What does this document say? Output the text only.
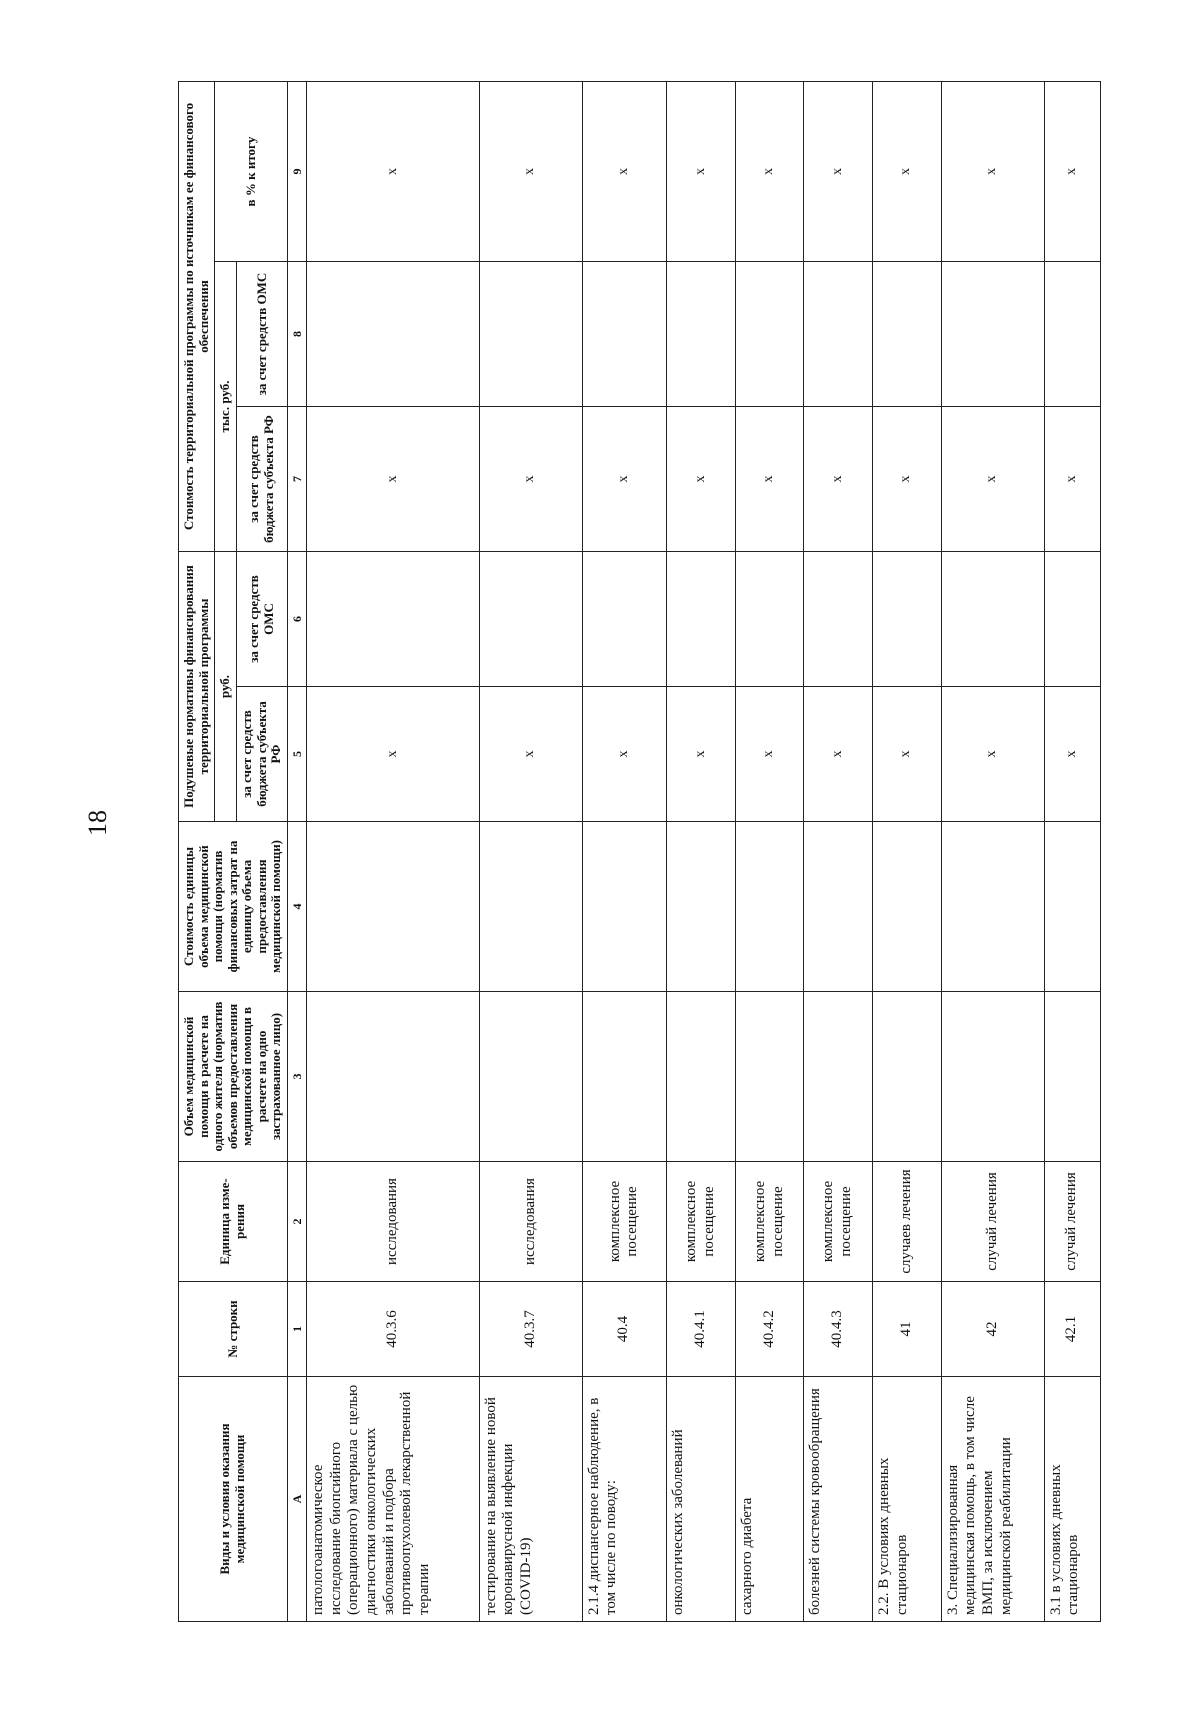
18
Виды и условия оказания медицинской помощи	№ строки	Единица изме-рения	Объем медицинской помощи в расчете на одного жителя (норматив объемов предоставления медицинской помощи в расчете на одно застрахованное лицо)	Стоимость единицы объема медицинской помощи (норматив финансовых затрат на единицу объема предоставления медицинской помощи)	Подушевые нормативы финансирования территориальной программы		Стоимость территориальной программы по источникам ее финансового обеспечения		
					руб.		тыс. руб.		в % к итогу
					за счет средств бюджета субъекта РФ	за счет средств ОМС	за счет средств бюджета субъекта РФ	за счет средств ОМС	
А	1	2	3	4	5	6	7	8	9
патологоанатомическое исследование биопсийного (операционного) материала с целью диагностики онкологических заболеваний и подбора противоопухолевой лекарственной терапии	40.3.6	исследования			х		х		х
тестирование на выявление новой коронавирусной инфекции (COVID-19)	40.3.7	исследования			х		х		х
2.1.4 диспансерное наблюдение, в том числе по поводу:	40.4	комплексное посещение			х		х		х
онкологических заболеваний	40.4.1	комплексное посещение			х		х		х
сахарного диабета	40.4.2	комплексное посещение			х		х		х
болезней системы кровообращения	40.4.3	комплексное посещение			х		х		х
2.2. В условиях дневных стационаров	41	случаев лечения			х		х		х
3. Специализированная медицинская помощь, в том числе ВМП, за исключением медицинской реабилитации	42	случай лечения			х		х		х
3.1 в условиях дневных стационаров	42.1	случай лечения			х		х		х
